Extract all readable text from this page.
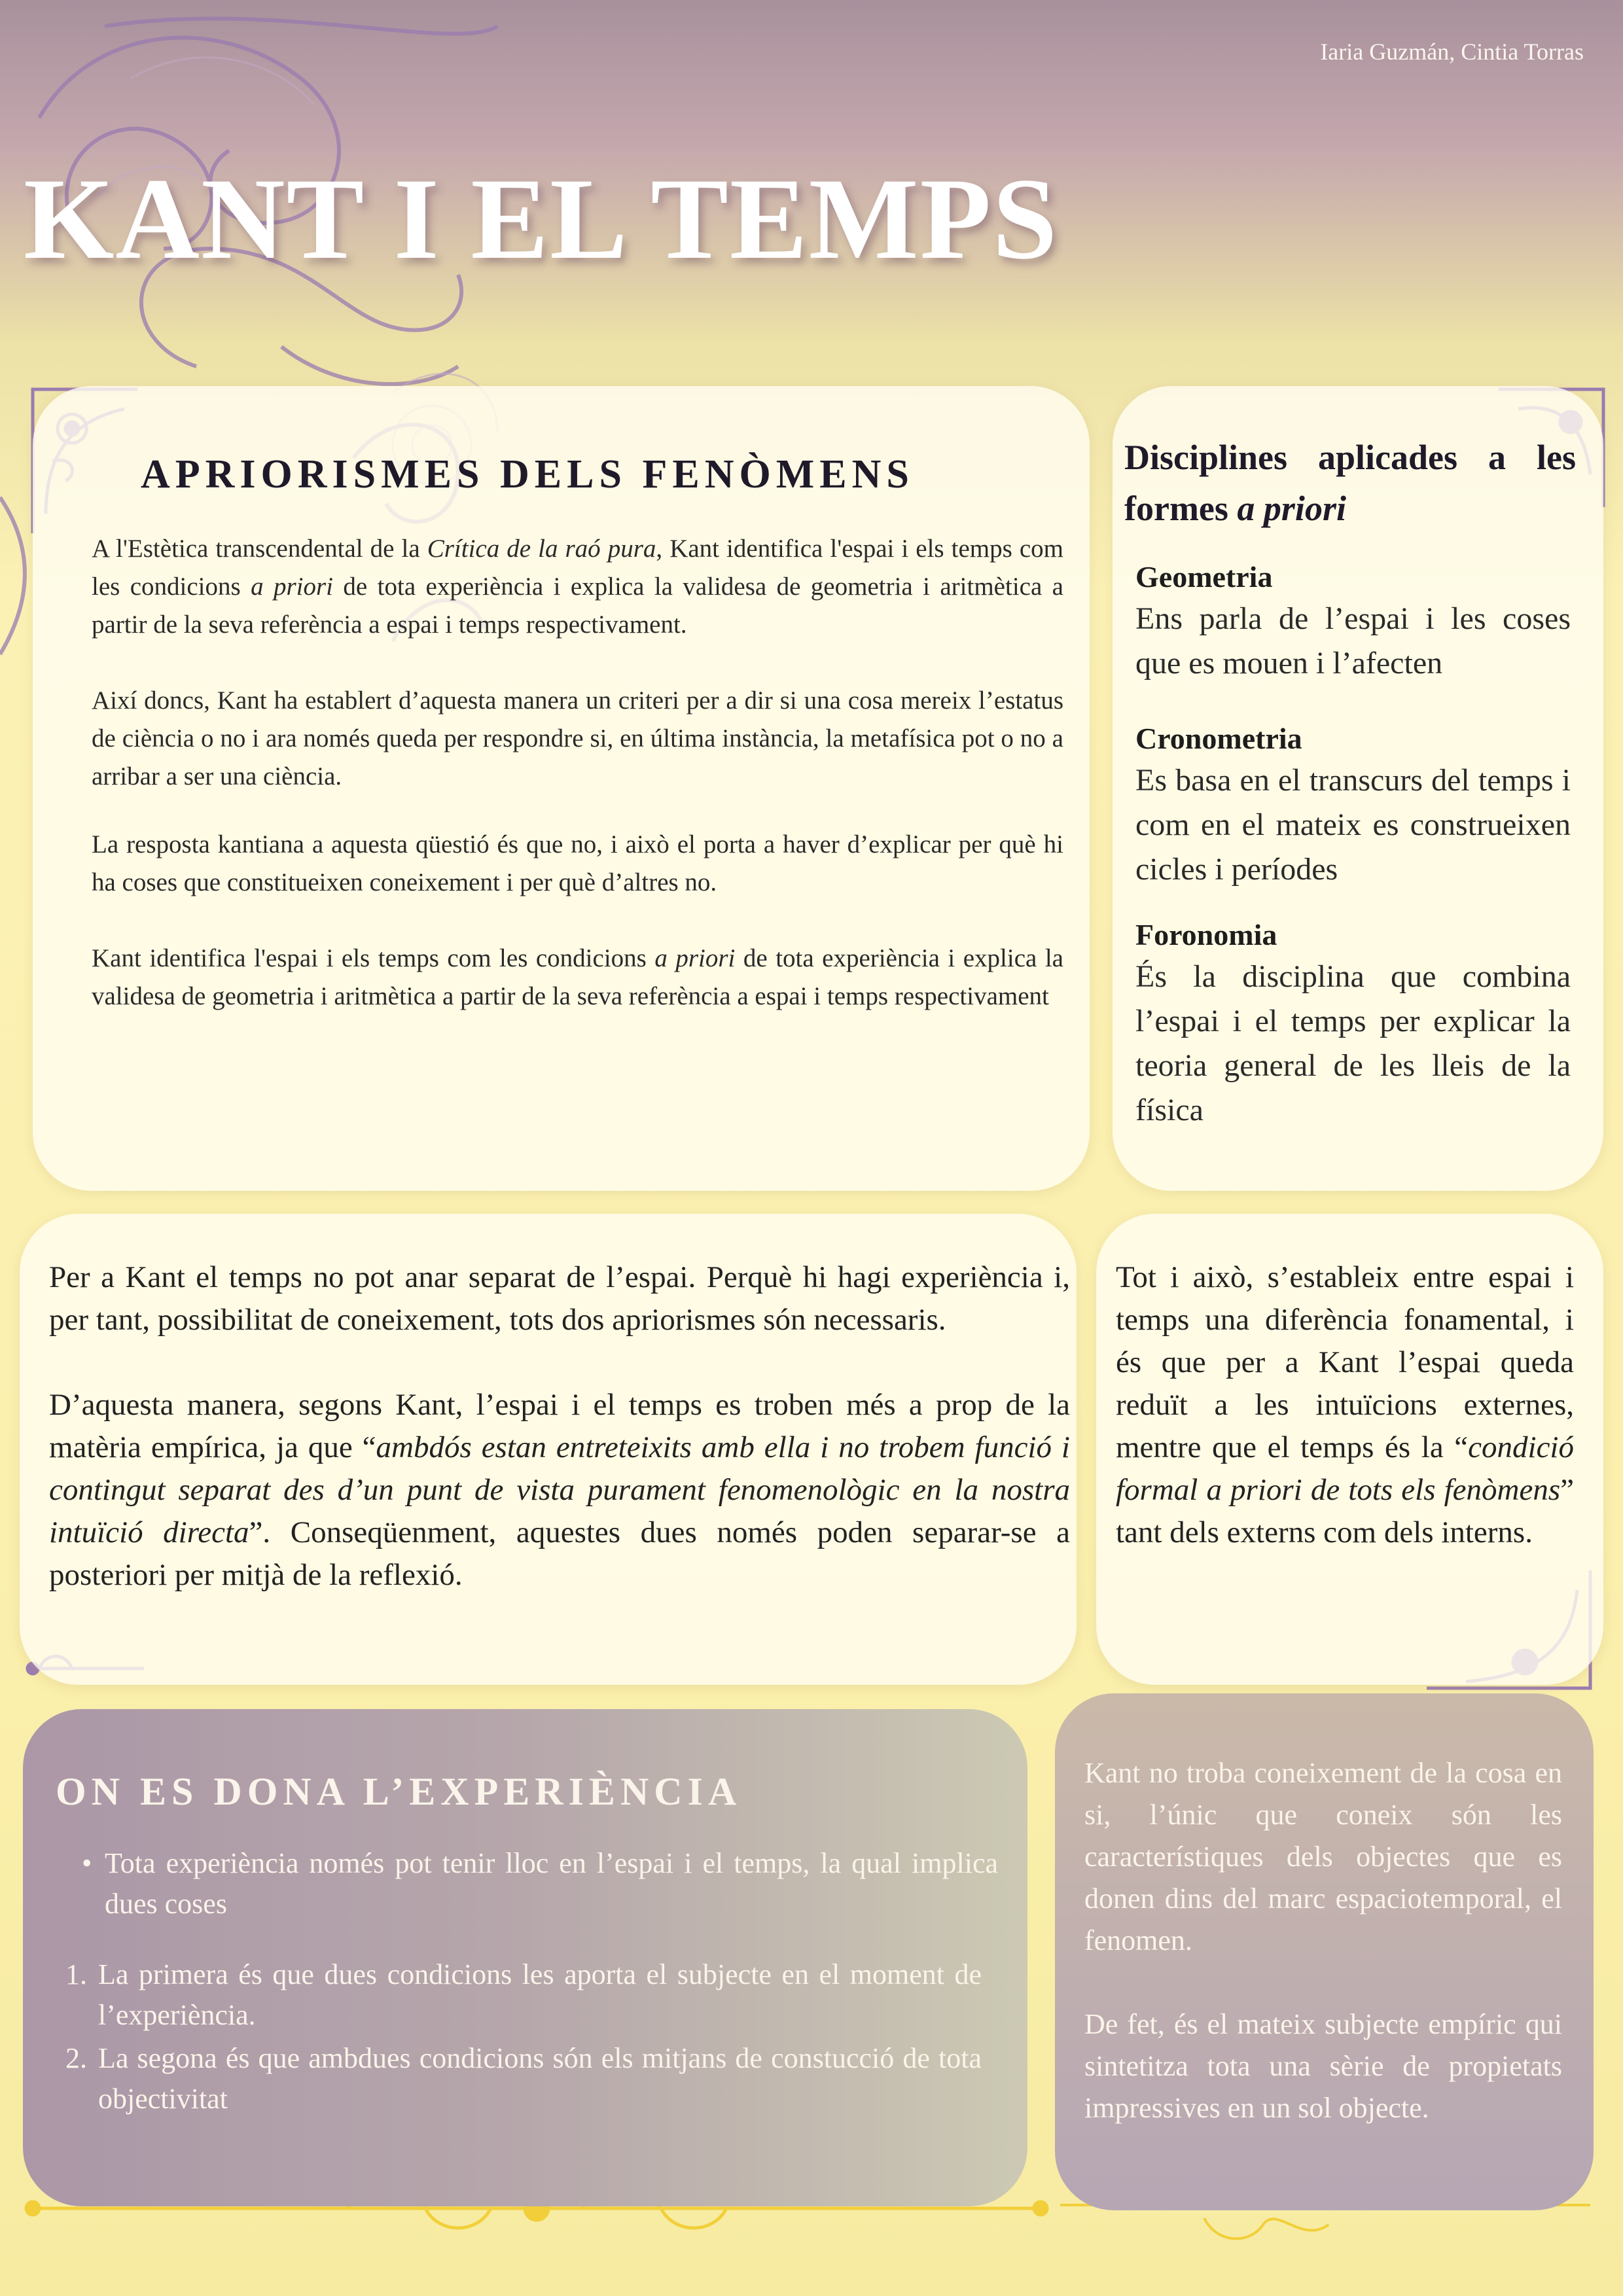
Iaria Guzmán, Cintia Torras
KANT I EL TEMPS
APRIORISMES DELS FENÒMENS

A l'Estètica transcendental de la Crítica de la raó pura, Kant identifica l'espai i els temps com les condicions a priori de tota experiència i explica la validesa de geometria i aritmètica a partir de la seva referència a espai i temps respectivament.

Així doncs, Kant ha establert d’aquesta manera un criteri per a dir si una cosa mereix l’estatus de ciència o no i ara només queda per respondre si, en última instància, la metafísica pot o no a arribar a ser una ciència.

La resposta kantiana a aquesta qüestió és que no, i això el porta a haver d’explicar per què hi ha coses que constitueixen coneixement i per què d’altres no.

Kant identifica l'espai i els temps com les condicions a priori de tota experiència i explica la validesa de geometria i aritmètica a partir de la seva referència a espai i temps respectivament

Disciplines aplicades a les formes a priori
Geometria
Ens parla de l’espai i les coses que es mouen i l’afecten
Cronometria
Es basa en el transcurs del temps i com en el mateix es construeixen cicles i períodes
Foronomia
És la disciplina que combina l’espai i el temps per explicar la teoria general de les lleis de la física

Per a Kant el temps no pot anar separat de l’espai. Perquè hi hagi experiència i, per tant, possibilitat de coneixement, tots dos apriorismes són necessaris.

D’aquesta manera, segons Kant, l’espai i el temps es troben més a prop de la matèria empírica, ja que “ambdós estan entreteixits amb ella i no trobem funció i contingut separat des d’un punt de vista purament fenomenològic en la nostra intuïció directa”. Conseqüenment, aquestes dues només poden separar-se a posteriori per mitjà de la reflexió.

Tot i això, s’estableix entre espai i temps una diferència fonamental, i és que per a Kant l’espai queda reduït a les intuïcions externes, mentre que el temps és la “condició formal a priori de tots els fenòmens” tant dels externs com dels interns.

ON ES DONA L’EXPERIÈNCIA
• Tota experiència només pot tenir lloc en l’espai i el temps, la qual implica dues coses

1. La primera és que dues condicions les aporta el subjecte en el moment de l’experiència.

2. La segona és que ambdues condicions són els mitjans de constucció de tota objectivitat

Kant no troba coneixement de la cosa en si, l’únic que coneix són les característiques dels objectes que es donen dins del marc espaciotemporal, el fenomen.

De fet, és el mateix subjecte empíric qui sintetitza tota una sèrie de propietats impressives en un sol objecte.
